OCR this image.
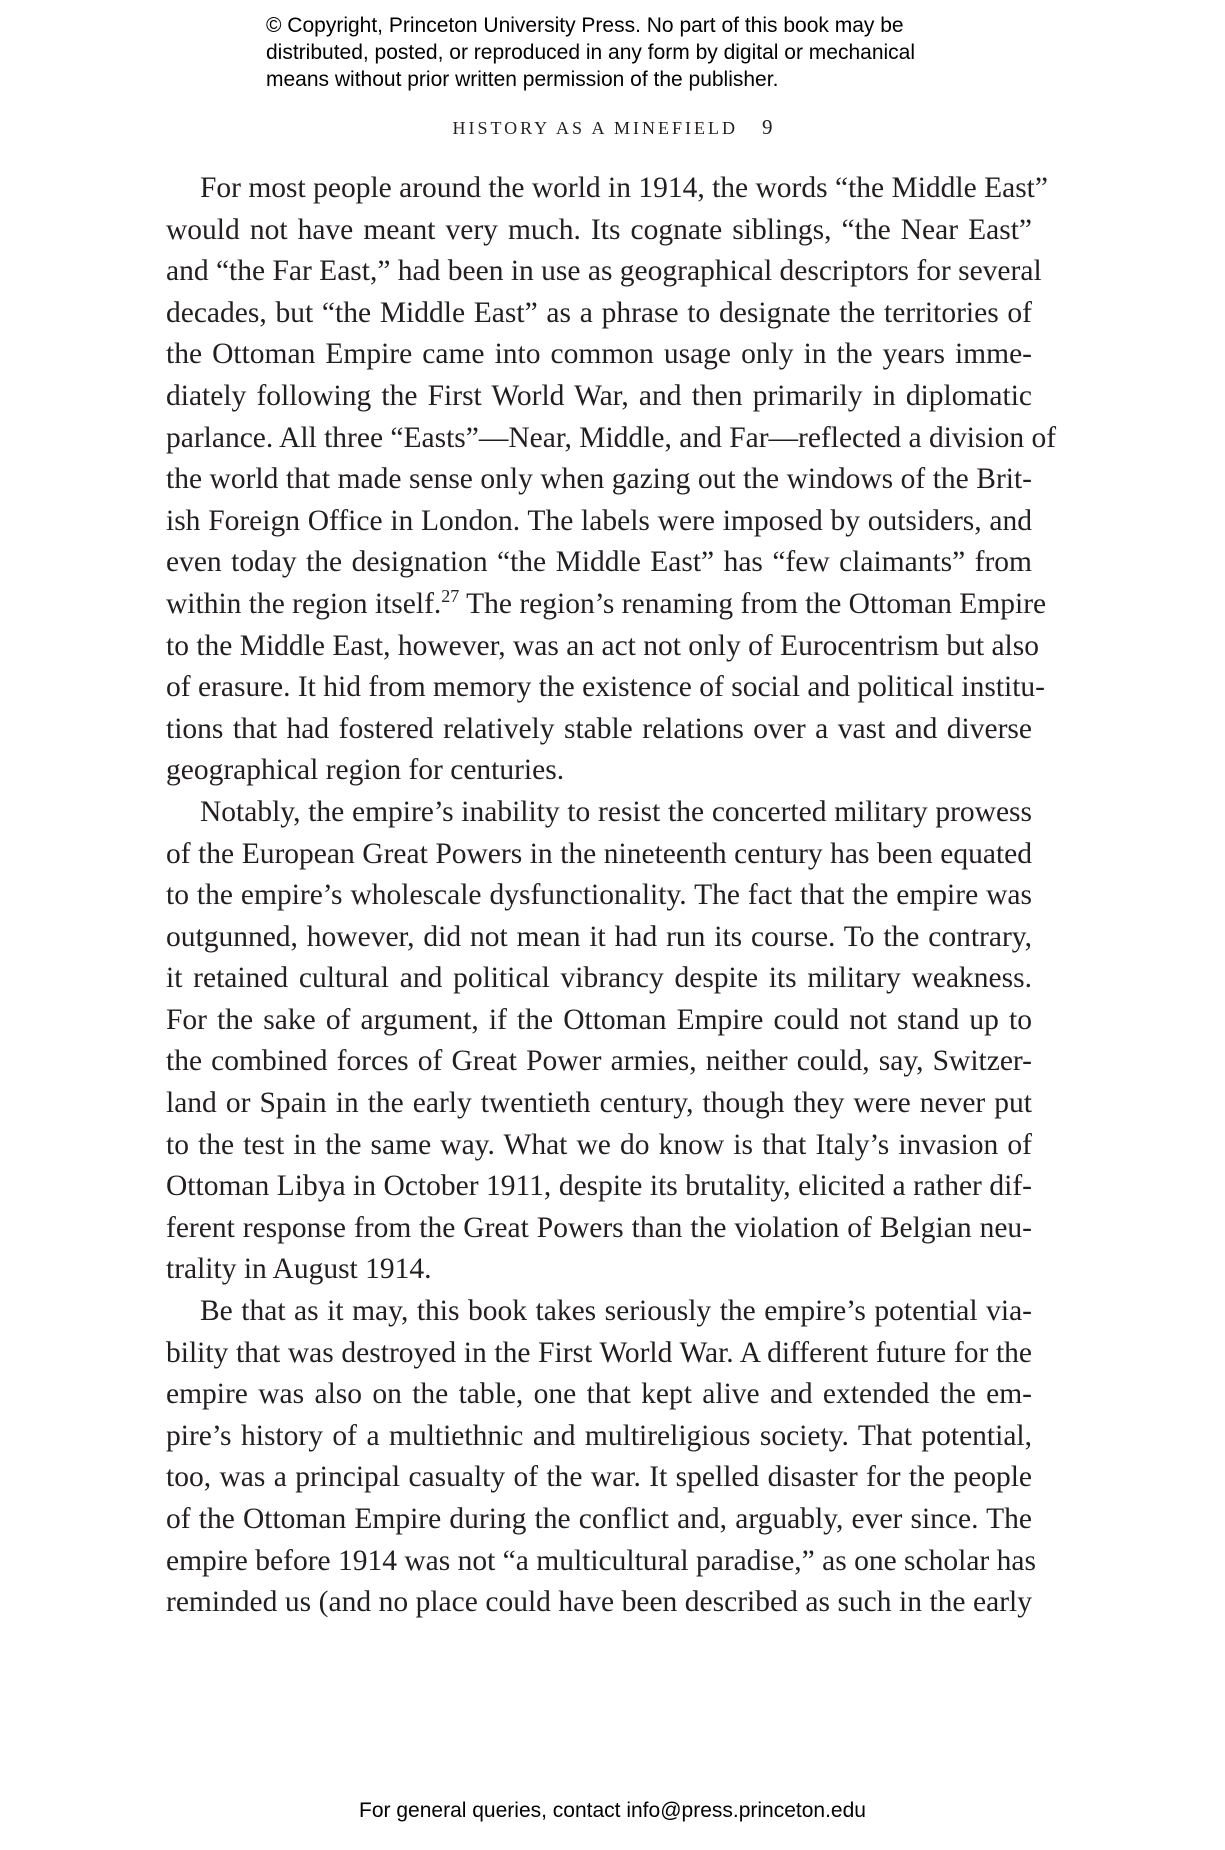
© Copyright, Princeton University Press. No part of this book may be
distributed, posted, or reproduced in any form by digital or mechanical
means without prior written permission of the publisher.
HISTORY AS A MINEFIELD 9
For most people around the world in 1914, the words “the Middle East”
would not have meant very much. Its cognate siblings, “the Near East”
and “the Far East,” had been in use as geographical descriptors for several
decades, but “the Middle East” as a phrase to designate the territories of
the Ottoman Empire came into common usage only in the years imme-
diately following the First World War, and then primarily in diplomatic
parlance. All three “Easts”—Near, Middle, and Far—reflected a division of
the world that made sense only when gazing out the windows of the Brit-
ish Foreign Office in London. The labels were imposed by outsiders, and
even today the designation “the Middle East” has “few claimants” from
within the region itself.$^{27}$ The region’s renaming from the Ottoman Empire
to the Middle East, however, was an act not only of Eurocentrism but also
of erasure. It hid from memory the existence of social and political institu-
tions that had fostered relatively stable relations over a vast and diverse
geographical region for centuries.
Notably, the empire’s inability to resist the concerted military prowess
of the European Great Powers in the nineteenth century has been equated
to the empire’s wholescale dysfunctionality. The fact that the empire was
outgunned, however, did not mean it had run its course. To the contrary,
it retained cultural and political vibrancy despite its military weakness.
For the sake of argument, if the Ottoman Empire could not stand up to
the combined forces of Great Power armies, neither could, say, Switzer-
land or Spain in the early twentieth century, though they were never put
to the test in the same way. What we do know is that Italy’s invasion of
Ottoman Libya in October 1911, despite its brutality, elicited a rather dif-
ferent response from the Great Powers than the violation of Belgian neu-
trality in August 1914.
Be that as it may, this book takes seriously the empire’s potential via-
bility that was destroyed in the First World War. A different future for the
empire was also on the table, one that kept alive and extended the em-
pire’s history of a multiethnic and multireligious society. That potential,
too, was a principal casualty of the war. It spelled disaster for the people
of the Ottoman Empire during the conflict and, arguably, ever since. The
empire before 1914 was not “a multicultural paradise,” as one scholar has
reminded us (and no place could have been described as such in the early
For general queries, contact info@press.princeton.edu
